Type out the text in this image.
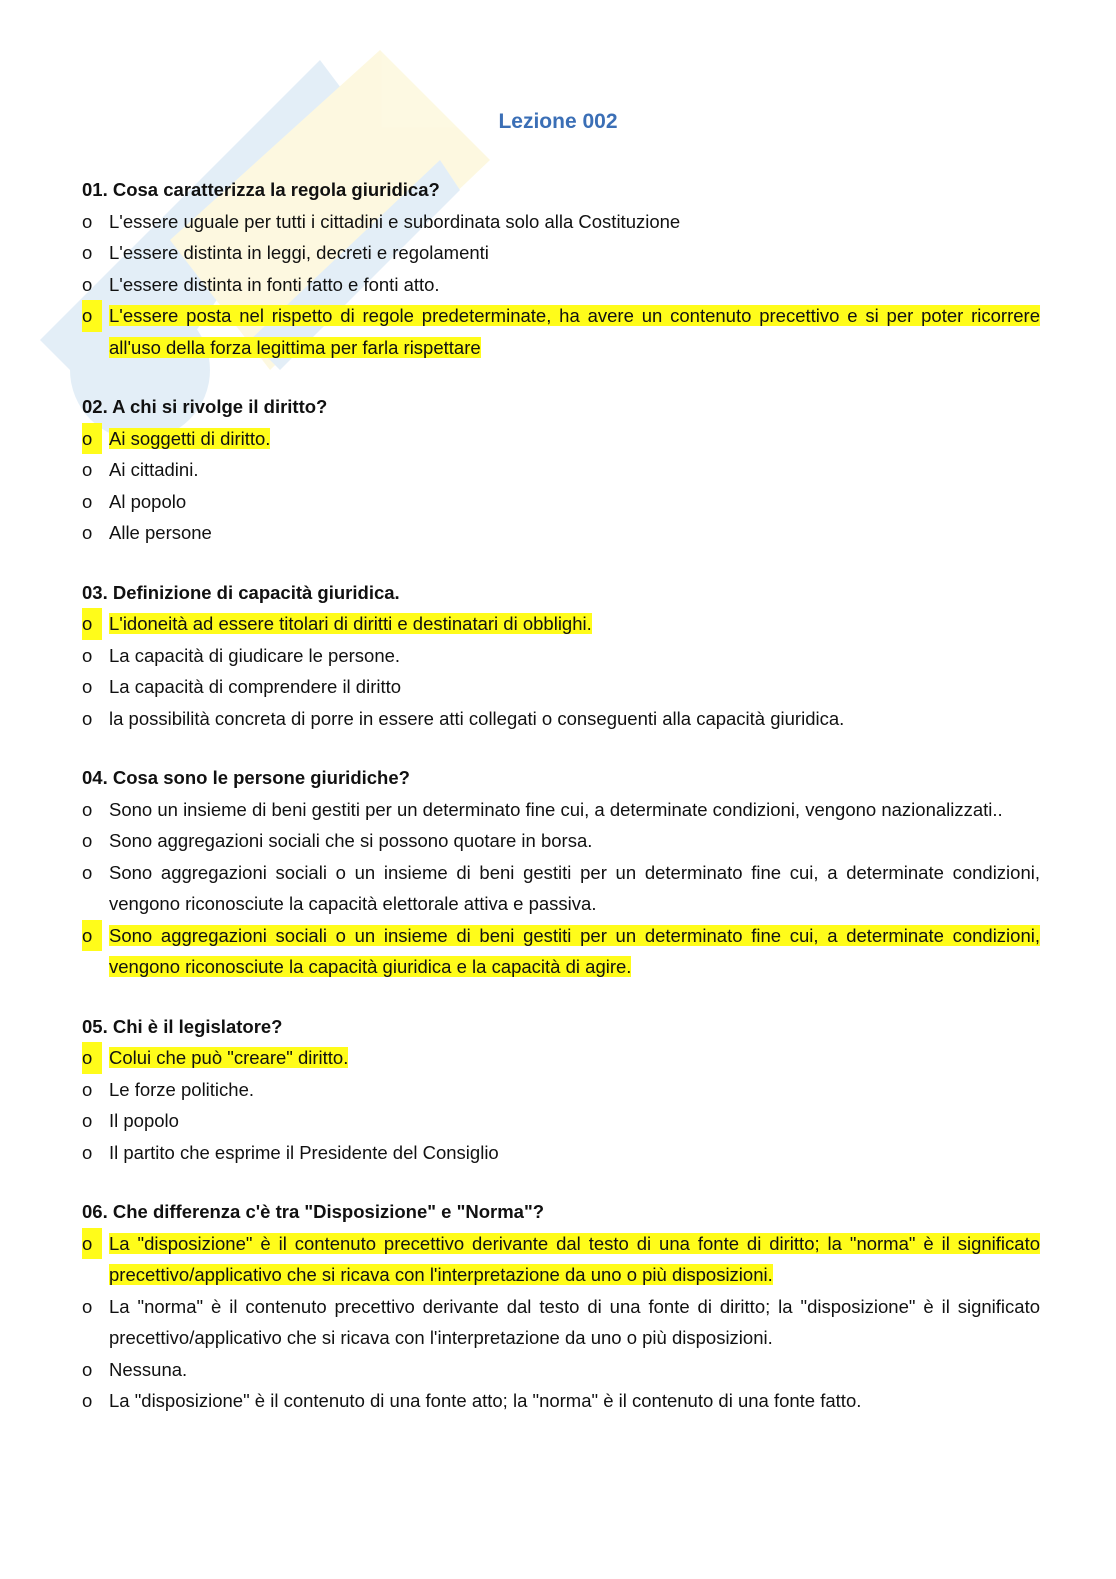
Lezione 002

01. Cosa caratterizza la regola giuridica?

o L'essere uguale per tutti i cittadini e subordinata solo alla Costituzione

o L'essere distinta in leggi, decreti e regolamenti

o L'essere distinta in fonti fatto e fonti atto.

o L'essere posta nel rispetto di regole predeterminate, ha avere un contenuto precettivo e si per poter ricorrere all'uso della forza legittima per farla rispettare

02. A chi si rivolge il diritto?

o Ai soggetti di diritto.

o Ai cittadini.

o Al popolo

o Alle persone

03. Definizione di capacità giuridica.

o L'idoneità ad essere titolari di diritti e destinatari di obblighi.

o La capacità di giudicare le persone.

o La capacità di comprendere il diritto

o la possibilità concreta di porre in essere atti collegati o conseguenti alla capacità giuridica.

04. Cosa sono le persone giuridiche?

o Sono un insieme di beni gestiti per un determinato fine cui, a determinate condizioni, vengono nazionalizzati..

o Sono aggregazioni sociali che si possono quotare in borsa.

o Sono aggregazioni sociali o un insieme di beni gestiti per un determinato fine cui, a determinate condizioni, vengono riconosciute la capacità elettorale attiva e passiva.

o Sono aggregazioni sociali o un insieme di beni gestiti per un determinato fine cui, a determinate condizioni, vengono riconosciute la capacità giuridica e la capacità di agire.

05. Chi è il legislatore?

o Colui che può "creare" diritto.

o Le forze politiche.

o Il popolo

o Il partito che esprime il Presidente del Consiglio

06. Che differenza c'è tra "Disposizione" e "Norma"?

o La "disposizione" è il contenuto precettivo derivante dal testo di una fonte di diritto; la "norma" è il significato precettivo/applicativo che si ricava con l'interpretazione da uno o più disposizioni.

o La "norma" è il contenuto precettivo derivante dal testo di una fonte di diritto; la "disposizione" è il significato precettivo/applicativo che si ricava con l'interpretazione da uno o più disposizioni.

o Nessuna.

o La "disposizione" è il contenuto di una fonte atto; la "norma" è il contenuto di una fonte fatto.
